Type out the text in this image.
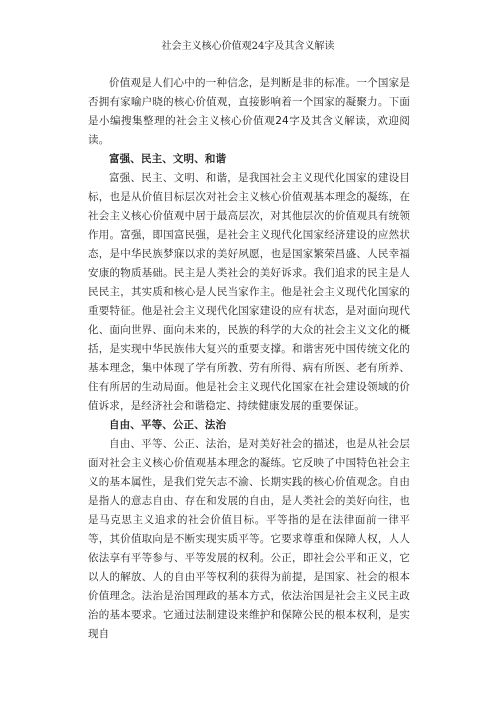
社会主义核心价值观24字及其含义解读

价值观是人们心中的一种信念，是判断是非的标准。一个国家是否拥有家喻户晓的核心价值观，直接影响着一个国家的凝聚力。下面是小编搜集整理的社会主义核心价值观24字及其含义解读，欢迎阅读。

富强、民主、文明、和谐

富强、民主、文明、和谐，是我国社会主义现代化国家的建设目标，也是从价值目标层次对社会主义核心价值观基本理念的凝练，在社会主义核心价值观中居于最高层次，对其他层次的价值观具有统领作用。富强，即国富民强，是社会主义现代化国家经济建设的应然状态，是中华民族梦寐以求的美好夙愿，也是国家繁荣昌盛、人民幸福安康的物质基础。民主是人类社会的美好诉求。我们追求的民主是人民民主，其实质和核心是人民当家作主。他是社会主义现代化国家的重要特征。他是社会主义现代化国家建设的应有状态，是对面向现代化、面向世界、面向未来的，民族的科学的大众的社会主义文化的概括，是实现中华民族伟大复兴的重要支撑。和谐害死中国传统文化的基本理念，集中体现了学有所教、劳有所得、病有所医、老有所养、住有所居的生动局面。他是社会主义现代化国家在社会建设领域的价值诉求，是经济社会和谐稳定、持续健康发展的重要保证。

自由、平等、公正、法治

自由、平等、公正、法治，是对美好社会的描述，也是从社会层面对社会主义核心价值观基本理念的凝练。它反映了中国特色社会主义的基本属性，是我们党矢志不渝、长期实践的核心价值观念。自由是指人的意志自由、存在和发展的自由，是人类社会的美好向往，也是马克思主义追求的社会价值目标。平等指的是在法律面前一律平等，其价值取向是不断实现实质平等。它要求尊重和保障人权，人人依法享有平等参与、平等发展的权利。公正，即社会公平和正义，它以人的解放、人的自由平等权利的获得为前提，是国家、社会的根本价值理念。法治是治国理政的基本方式，依法治国是社会主义民主政治的基本要求。它通过法制建设来维护和保障公民的根本权利，是实现自
